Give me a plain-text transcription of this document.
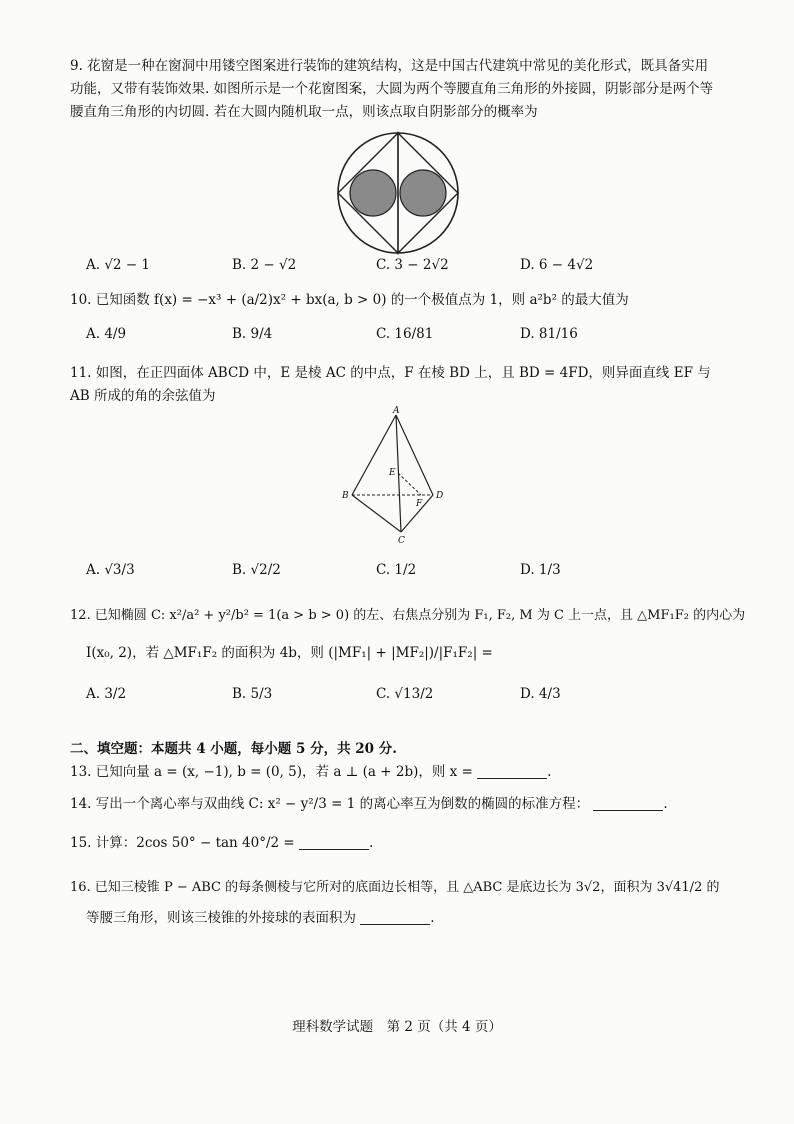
9. 花窗是一种在窗洞中用镂空图案进行装饰的建筑结构，这是中国古代建筑中常见的美化形式，既具备实用功能，又带有装饰效果. 如图所示是一个花窗图案，大圆为两个等腰直角三角形的外接圆，阴影部分是两个等腰直角三角形的内切圆. 若在大圆内随机取一点，则该点取自阴影部分的概率为
A. √2 − 1	B. 2 − √2	C. 3 − 2√2	D. 6 − 4√2
10. 已知函数 f(x) = −x³ + (a/2)x² + bx(a, b > 0) 的一个极值点为 1，则 a²b² 的最大值为
A. 4/9	B. 9/4	C. 16/81	D. 81/16
11. 如图，在正四面体 ABCD 中，E 是棱 AC 的中点，F 在棱 BD 上，且 BD = 4FD，则异面直线 EF 与 AB 所成的角的余弦值为
A
B
C
D
E
F
A. √3/3	B. √2/2	C. 1/2	D. 1/3
12. 已知椭圆 C: x²/a² + y²/b² = 1(a > b > 0) 的左、右焦点分别为 F₁, F₂, M 为 C 上一点，且 △MF₁F₂ 的内心为
I(x₀, 2)，若 △MF₁F₂ 的面积为 4b，则 (|MF₁| + |MF₂|)/|F₁F₂| =
A. 3/2	B. 5/3	C. √13/2	D. 4/3
二、填空题：本题共 4 小题，每小题 5 分，共 20 分.
13. 已知向量 a = (x, −1), b = (0, 5)，若 a ⊥ (a + 2b)，则 x =	.
14. 写出一个离心率与双曲线 C: x² − y²/3 = 1 的离心率互为倒数的椭圆的标准方程：	.
15. 计算：2cos 50° − tan 40°/2 =	.
16. 已知三棱锥 P − ABC 的每条侧棱与它所对的底面边长相等，且 △ABC 是底边长为 3√2，面积为 3√41/2 的
等腰三角形，则该三棱锥的外接球的表面积为	.
理科数学试题　第 2 页（共 4 页）
